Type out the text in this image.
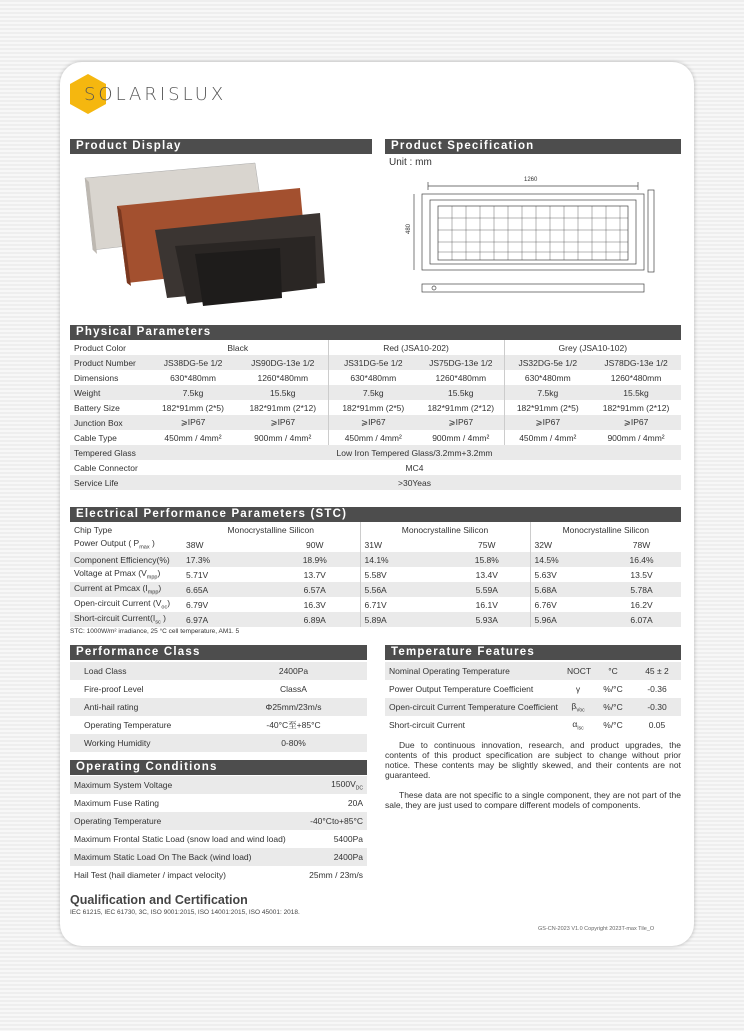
SOLARISLUX
Product Display	Product Specification
Unit : mm
1260
480
Physical Parameters
Product Color	Black		Red (JSA10-202)		Grey (JSA10-102)	
Product Number	JS38DG-5e 1/2	JS90DG-13e 1/2	JS31DG-5e 1/2	JS75DG-13e 1/2	JS32DG-5e 1/2	JS78DG-13e 1/2
Dimensions	630*480mm	1260*480mm	630*480mm	1260*480mm	630*480mm	1260*480mm
Weight	7.5kg	15.5kg	7.5kg	15.5kg	7.5kg	15.5kg
Battery Size	182*91mm (2*5)	182*91mm (2*12)	182*91mm (2*5)	182*91mm (2*12)	182*91mm (2*5)	182*91mm (2*12)
Junction Box	⩾IP67	⩾IP67	⩾IP67	⩾IP67	⩾IP67	⩾IP67
Cable Type	450mm / 4mm²	900mm / 4mm²	450mm / 4mm²	900mm / 4mm²	450mm / 4mm²	900mm / 4mm²
Tempered Glass	Low Iron Tempered Glass/3.2mm+3.2mm					
Cable Connector	MC4					
Service Life	>30Yeas					
Electrical Performance Parameters (STC)
Chip Type	Monocrystalline Silicon		Monocrystalline Silicon		Monocrystalline Silicon	
Power Output ( $P_{max}$ )	38W	90W	31W	75W	32W	78W
Component Efficiency(%)	17.3%	18.9%	14.1%	15.8%	14.5%	16.4%
Voltage at Pmax $(V_{mpp})$	5.71V	13.7V	5.58V	13.4V	5.63V	13.5V
Current at Pmcax $(I_{mpp})$	6.65A	6.57A	5.56A	5.59A	5.68A	5.78A
Open-circuit Current $(V_{oc})$	6.79V	16.3V	6.71V	16.1V	6.76V	16.2V
Short-circuit $Current(I_{sc}$ )	6.97A	6.89A	5.89A	5.93A	5.96A	6.07A
STC: 1000W/m² irradiance, 25 °C cell temperature, AM1. 5
Performance Class
Load Class	2400Pa
Fire-proof Level	ClassA
Anti-hail rating	Φ25mm/23m/s
Operating Temperature	-40°C至+85°C
Working Humidity	0-80%
Temperature Features
Nominal Operating Temperature	NOCT	°C	45 ± 2
Power Output Temperature Coefficient	γ	%/°C	-0.36
Open-circuit Current Temperature Coefficient	$\beta_{Voc}$	%/°C	-0.30
Short-circuit Current	$\alpha_{Isc}$	%/°C	0.05
Due to continuous innovation, research, and product upgrades, the contents of this product specification are subject to change without prior notice. These contents may be slightly skewed, and their contents are not guaranteed.
These data are not specific to a single component, they are not part of the sale, they are just used to compare different models of components.
Operating Conditions
Maximum System Voltage	$1500V_{DC}$
Maximum Fuse Rating	20A
Operating Temperature	-40°Cto+85°C
Maximum Frontal Static Load (snow load and wind load)	5400Pa
Maximum Static Load On The Back (wind load)	2400Pa
Hail Test (hail diameter / impact velocity)	25mm / 23m/s
Qualification and Certification
IEC 61215, IEC 61730, 3C, ISO 9001:2015, ISO 14001:2015, ISO 45001: 2018.
GS-CN-2023 V1.0 Copyright 2023T-max Tile_O
